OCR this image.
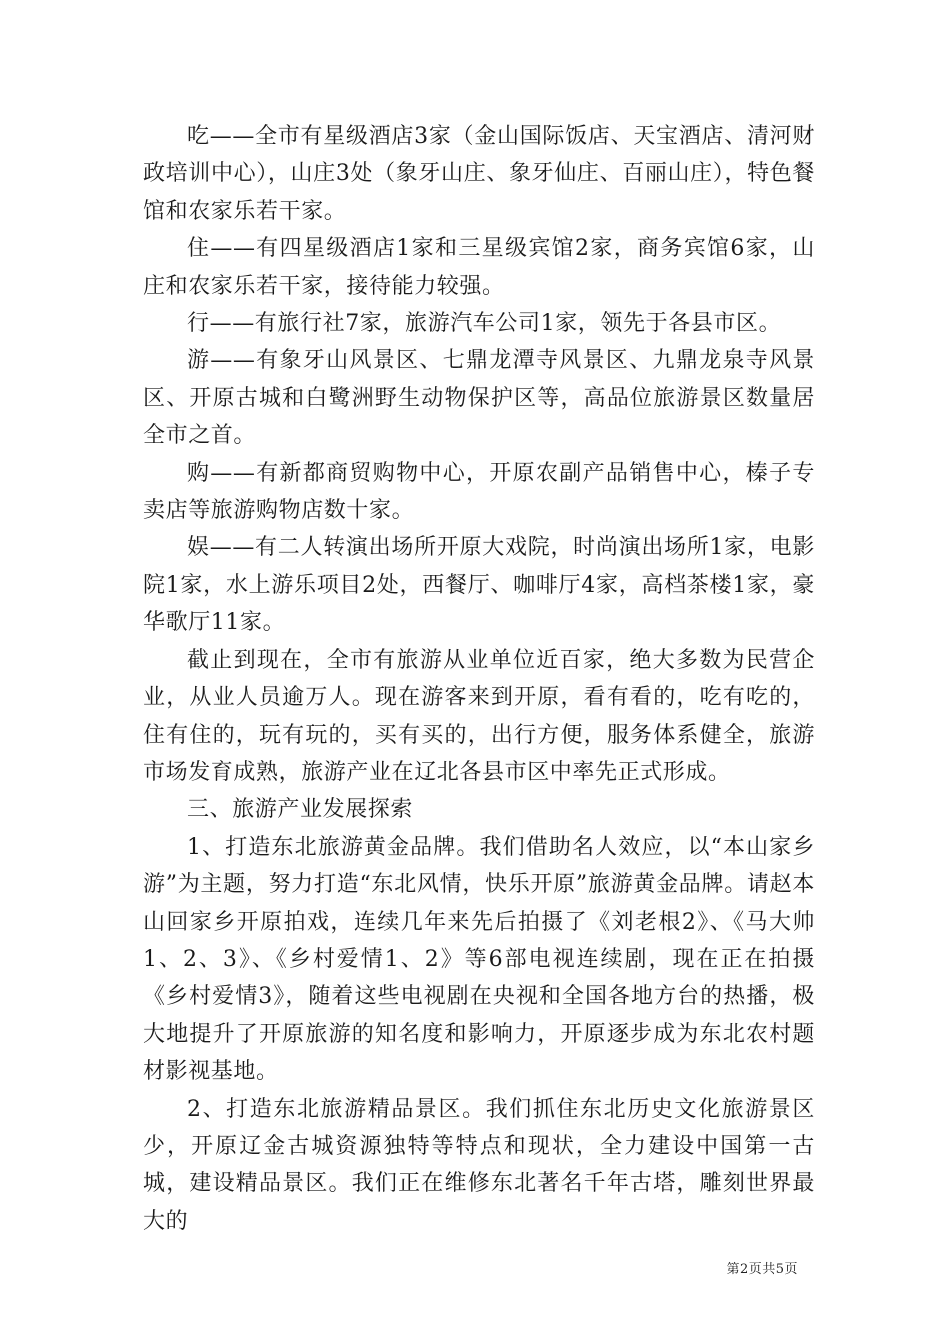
吃——全市有星级酒店3家（金山国际饭店、天宝酒店、清河财政培训中心），山庄3处（象牙山庄、象牙仙庄、百丽山庄），特色餐馆和农家乐若干家。

住——有四星级酒店1家和三星级宾馆2家，商务宾馆6家，山庄和农家乐若干家，接待能力较强。

行——有旅行社7家，旅游汽车公司1家，领先于各县市区。

游——有象牙山风景区、七鼎龙潭寺风景区、九鼎龙泉寺风景区、开原古城和白鹭洲野生动物保护区等，高品位旅游景区数量居全市之首。

购——有新都商贸购物中心，开原农副产品销售中心，榛子专卖店等旅游购物店数十家。

娱——有二人转演出场所开原大戏院，时尚演出场所1家，电影院1家，水上游乐项目2处，西餐厅、咖啡厅4家，高档茶楼1家，豪华歌厅11家。

截止到现在，全市有旅游从业单位近百家，绝大多数为民营企业，从业人员逾万人。现在游客来到开原，看有看的，吃有吃的，住有住的，玩有玩的，买有买的，出行方便，服务体系健全，旅游市场发育成熟，旅游产业在辽北各县市区中率先正式形成。

三、旅游产业发展探索

1、打造东北旅游黄金品牌。我们借助名人效应，以“本山家乡游”为主题，努力打造“东北风情，快乐开原”旅游黄金品牌。请赵本山回家乡开原拍戏，连续几年来先后拍摄了《刘老根2》、《马大帅1、2、3》、《乡村爱情1、2》等6部电视连续剧，现在正在拍摄《乡村爱情3》，随着这些电视剧在央视和全国各地方台的热播，极大地提升了开原旅游的知名度和影响力，开原逐步成为东北农村题材影视基地。

2、打造东北旅游精品景区。我们抓住东北历史文化旅游景区少，开原辽金古城资源独特等特点和现状，全力建设中国第一古城，建设精品景区。我们正在维修东北著名千年古塔，雕刻世界最大的

第2页共5页
